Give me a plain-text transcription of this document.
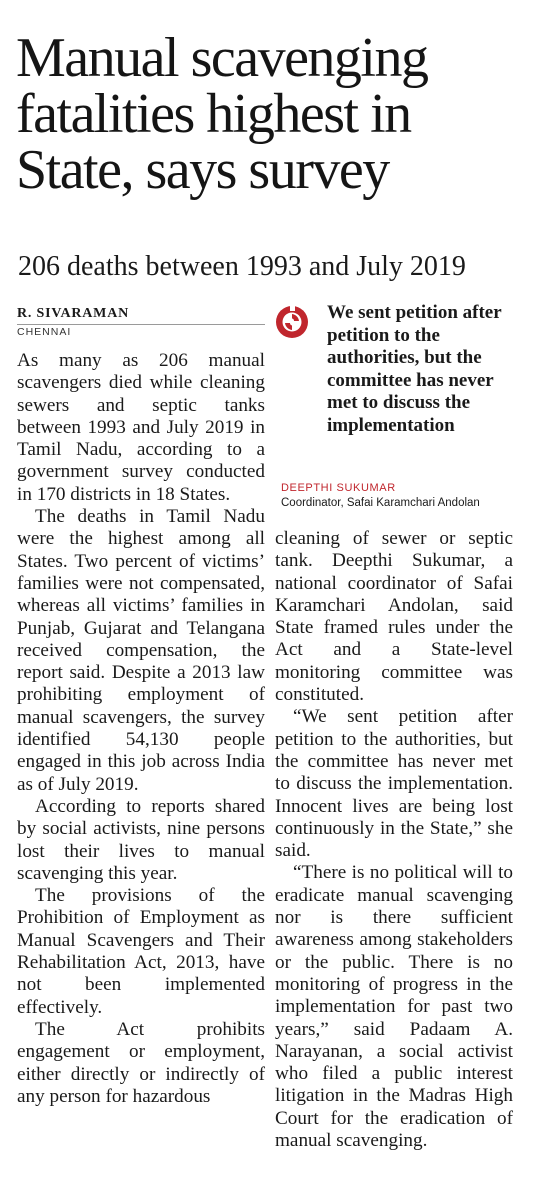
Manual scavenging
fatalities highest in
State, says survey
206 deaths between 1993 and July 2019
R. SIVARAMAN
CHENNAI

As many as 206 manual scavengers died while cleaning sewers and septic tanks between 1993 and July 2019 in Tamil Nadu, according to a government survey conducted in 170 districts in 18 States.

The deaths in Tamil Nadu were the highest among all States. Two percent of victims’ families were not compensated, whereas all victims’ families in Punjab, Gujarat and Telangana received compensation, the report said. Despite a 2013 law prohibiting employment of manual scavengers, the survey identified 54,130 people engaged in this job across India as of July 2019.

According to reports shared by social activists, nine persons lost their lives to manual scavenging this year.

The provisions of the Prohibition of Employment as Manual Scavengers and Their Rehabilitation Act, 2013, have not been implemented effectively.

The Act prohibits engagement or employment, either directly or indirectly of any person for hazardous

We sent petition after petition to the authorities, but the committee has never met to discuss the implementation
DEEPTHI SUKUMAR
Coordinator, Safai Karamchari Andolan

cleaning of sewer or septic tank. Deepthi Sukumar, a national coordinator of Safai Karamchari Andolan, said State framed rules under the Act and a State-level monitoring committee was constituted.

“We sent petition after petition to the authorities, but the committee has never met to discuss the implementation. Innocent lives are being lost continuously in the State,” she said.

“There is no political will to eradicate manual scavenging nor is there sufficient awareness among stakeholders or the public. There is no monitoring of progress in the implementation for past two years,” said Padaam A. Narayanan, a social activist who filed a public interest litigation in the Madras High Court for the eradication of manual scavenging.
